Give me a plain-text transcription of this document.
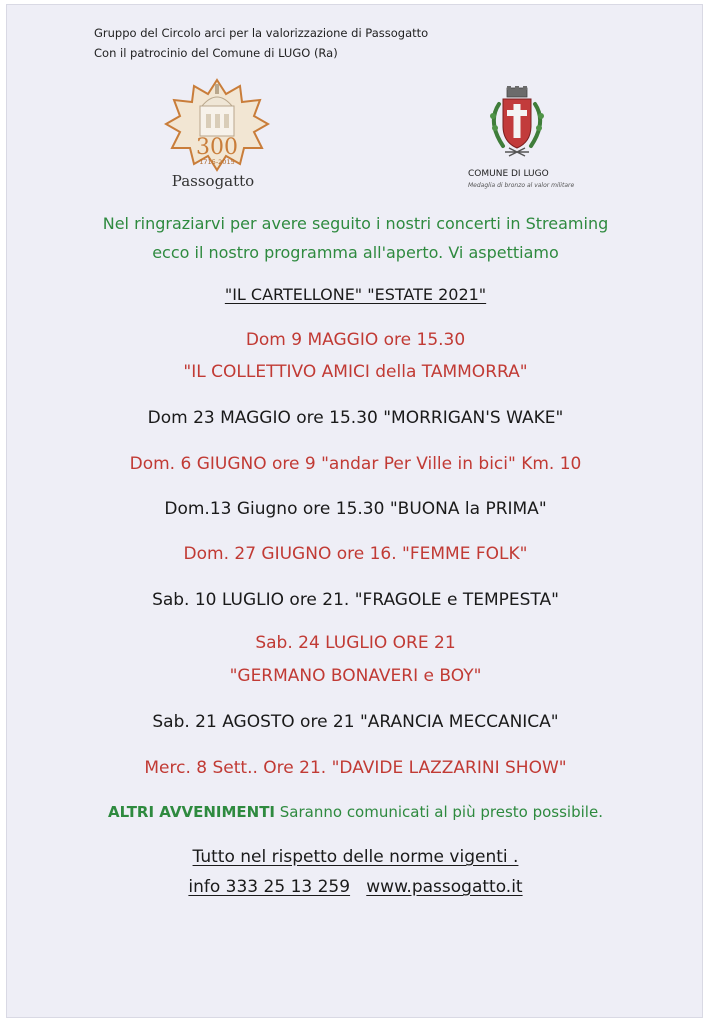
Gruppo del Circolo arci per la valorizzazione di Passogatto
Con il patrocinio del Comune di LUGO (Ra)
300
1715-2015
Passogatto	COMUNE DI LUGO
Medaglia di bronzo al valor militare
Nel ringraziarvi per avere seguito i nostri concerti in Streaming
ecco il nostro programma all'aperto. Vi aspettiamo
"IL CARTELLONE" "ESTATE 2021"
Dom 9 MAGGIO ore 15.30
"IL COLLETTIVO AMICI della TAMMORRA"
Dom 23 MAGGIO ore 15.30 "MORRIGAN'S WAKE"
Dom. 6 GIUGNO ore 9 "andar Per Ville in bici" Km. 10
Dom.13 Giugno ore 15.30 "BUONA la PRIMA"
Dom. 27 GIUGNO ore 16. "FEMME FOLK"
Sab. 10 LUGLIO ore 21. "FRAGOLE e TEMPESTA"
Sab. 24 LUGLIO ORE 21
"GERMANO BONAVERI e BOY"
Sab. 21 AGOSTO ore 21 "ARANCIA MECCANICA"
Merc. 8 Sett.. Ore 21. "DAVIDE LAZZARINI SHOW"
ALTRI AVVENIMENTI Saranno comunicati al più presto possibile.
Tutto nel rispetto delle norme vigenti .
info 333 25 13 259 www.passogatto.it
